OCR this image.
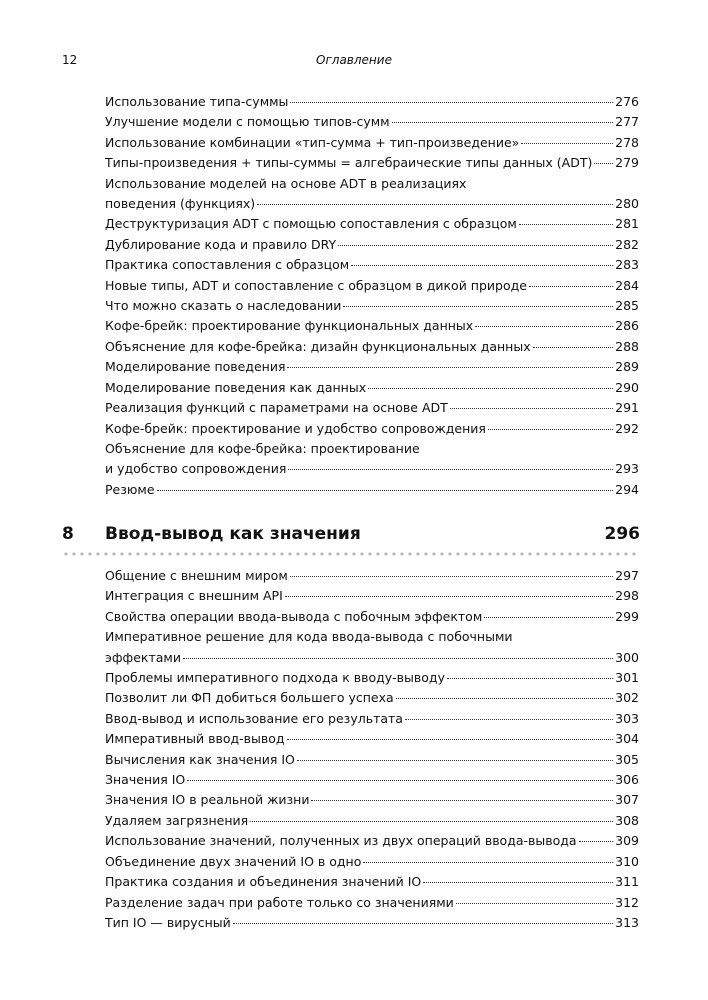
12	Оглавление
Использование типа-суммы	276
Улучшение модели с помощью типов-сумм	277
Использование комбинации «тип-сумма + тип-произведение»	278
Типы-произведения + типы-суммы = алгебраические типы данных (ADT) 279
Использование моделей на основе ADT в реализациях
поведения (функциях)	280
Деструктуризация ADT с помощью сопоставления с образцом	281
Дублирование кода и правило DRY	282
Практика сопоставления с образцом	283
Новые типы, ADT и сопоставление с образцом в дикой природе	284
Что можно сказать о наследовании	285
Кофе-брейк: проектирование функциональных данных	286
Объяснение для кофе-брейка: дизайн функциональных данных	288
Моделирование поведения	289
Моделирование поведения как данных	290
Реализация функций с параметрами на основе ADT	291
Кофе-брейк: проектирование и удобство сопровождения	292
Объяснение для кофе-брейка: проектирование
и удобство сопровождения	293
Резюме	294
8	Ввод-вывод как значения	296
Общение с внешним миром	297
Интеграция с внешним API	298
Свойства операции ввода-вывода с побочным эффектом	299
Императивное решение для кода ввода-вывода с побочными
эффектами	300
Проблемы императивного подхода к вводу-выводу	301
Позволит ли ФП добиться большего успеха	302
Ввод-вывод и использование его результата	303
Императивный ввод-вывод	304
Вычисления как значения IO	305
Значения IO	306
Значения IO в реальной жизни	307
Удаляем загрязнения	308
Использование значений, полученных из двух операций ввода-вывода	309
Объединение двух значений IO в одно	310
Практика создания и объединения значений IO	311
Разделение задач при работе только со значениями	312
Тип IO — вирусный	313
